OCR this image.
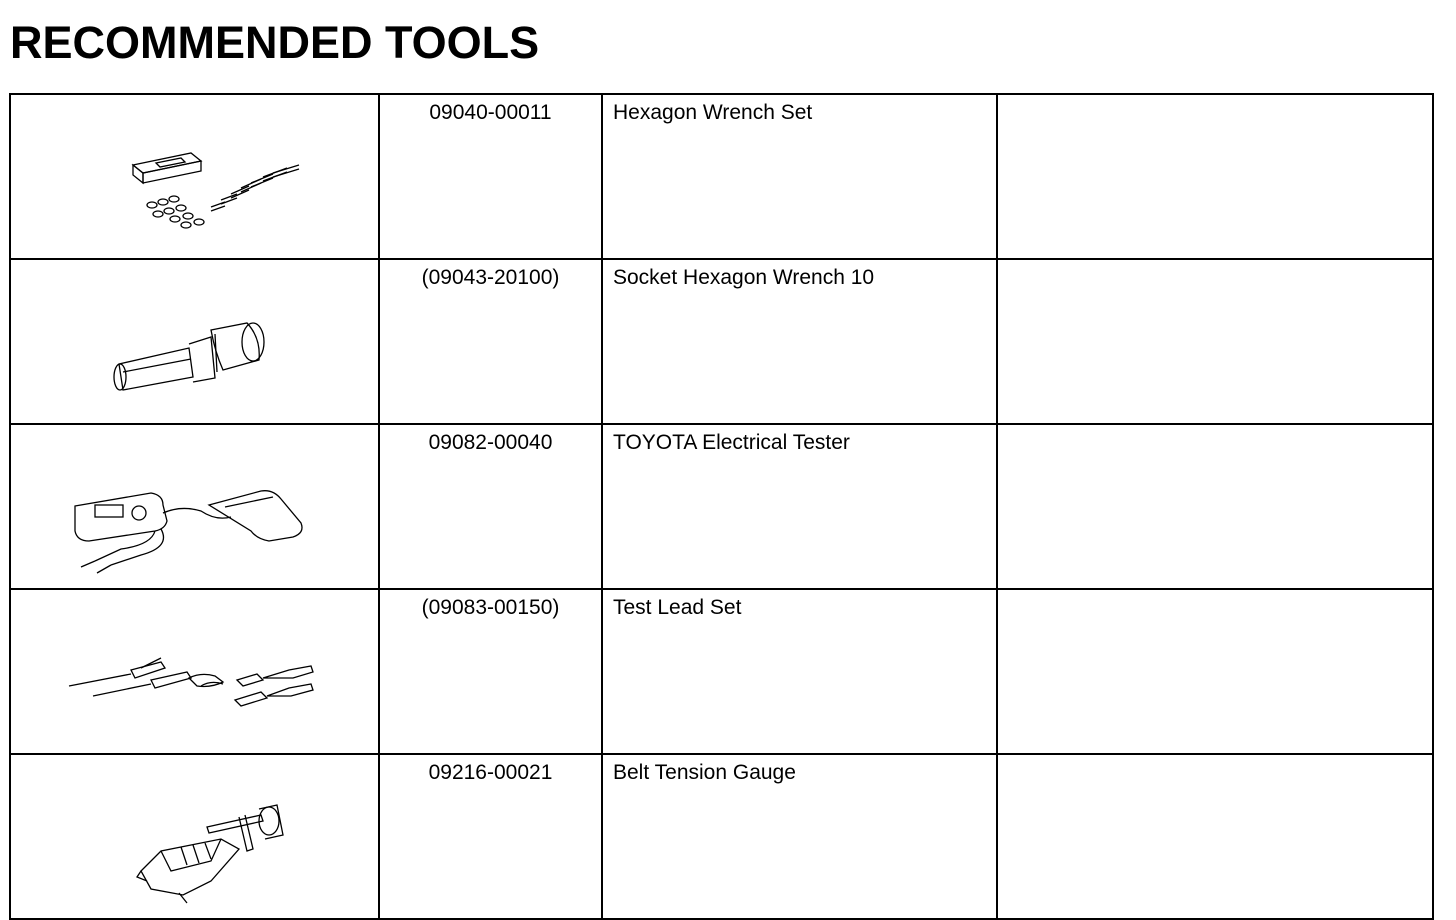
RECOMMENDED TOOLS
	09040-00011	Hexagon Wrench Set	

	(09043-20100)	Socket Hexagon Wrench 10	

	09082-00040	TOYOTA Electrical Tester	

	(09083-00150)	Test Lead Set	

	09216-00021	Belt Tension Gauge	
